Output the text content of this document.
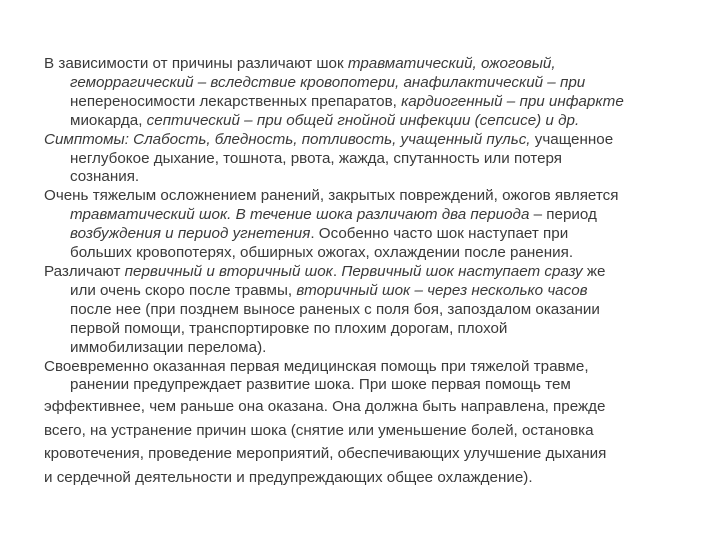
В зависимости от причины различают шок травматический, ожоговый,
геморрагический – вследствие кровопотери, анафилактический – при
непереносимости лекарственных препаратов, кардиогенный – при инфаркте
миокарда, септический – при общей гнойной инфекции (сепсисе) и др.
Симптомы: Слабость, бледность, потливость, учащенный пульс, учащенное
неглубокое дыхание, тошнота, рвота, жажда, спутанность или потеря
сознания.
Очень тяжелым осложнением ранений, закрытых повреждений, ожогов является
травматический шок. В течение шока различают два периода – период
возбуждения и период угнетения. Особенно часто шок наступает при
больших кровопотерях, обширных ожогах, охлаждении после ранения.
Различают первичный и вторичный шок. Первичный шок наступает сразу же
или очень скоро после травмы, вторичный шок – через несколько часов
после нее (при позднем выносе раненых с поля боя, запоздалом оказании
первой помощи, транспортировке по плохим дорогам, плохой
иммобилизации перелома).
Своевременно оказанная первая медицинская помощь при тяжелой травме,
ранении предупреждает развитие шока. При шоке первая помощь тем
эффективнее, чем раньше она оказана. Она должна быть направлена, прежде
всего, на устранение причин шока (снятие или уменьшение болей, остановка
кровотечения, проведение мероприятий, обеспечивающих улучшение дыхания
и сердечной деятельности и предупреждающих общее охлаждение).
